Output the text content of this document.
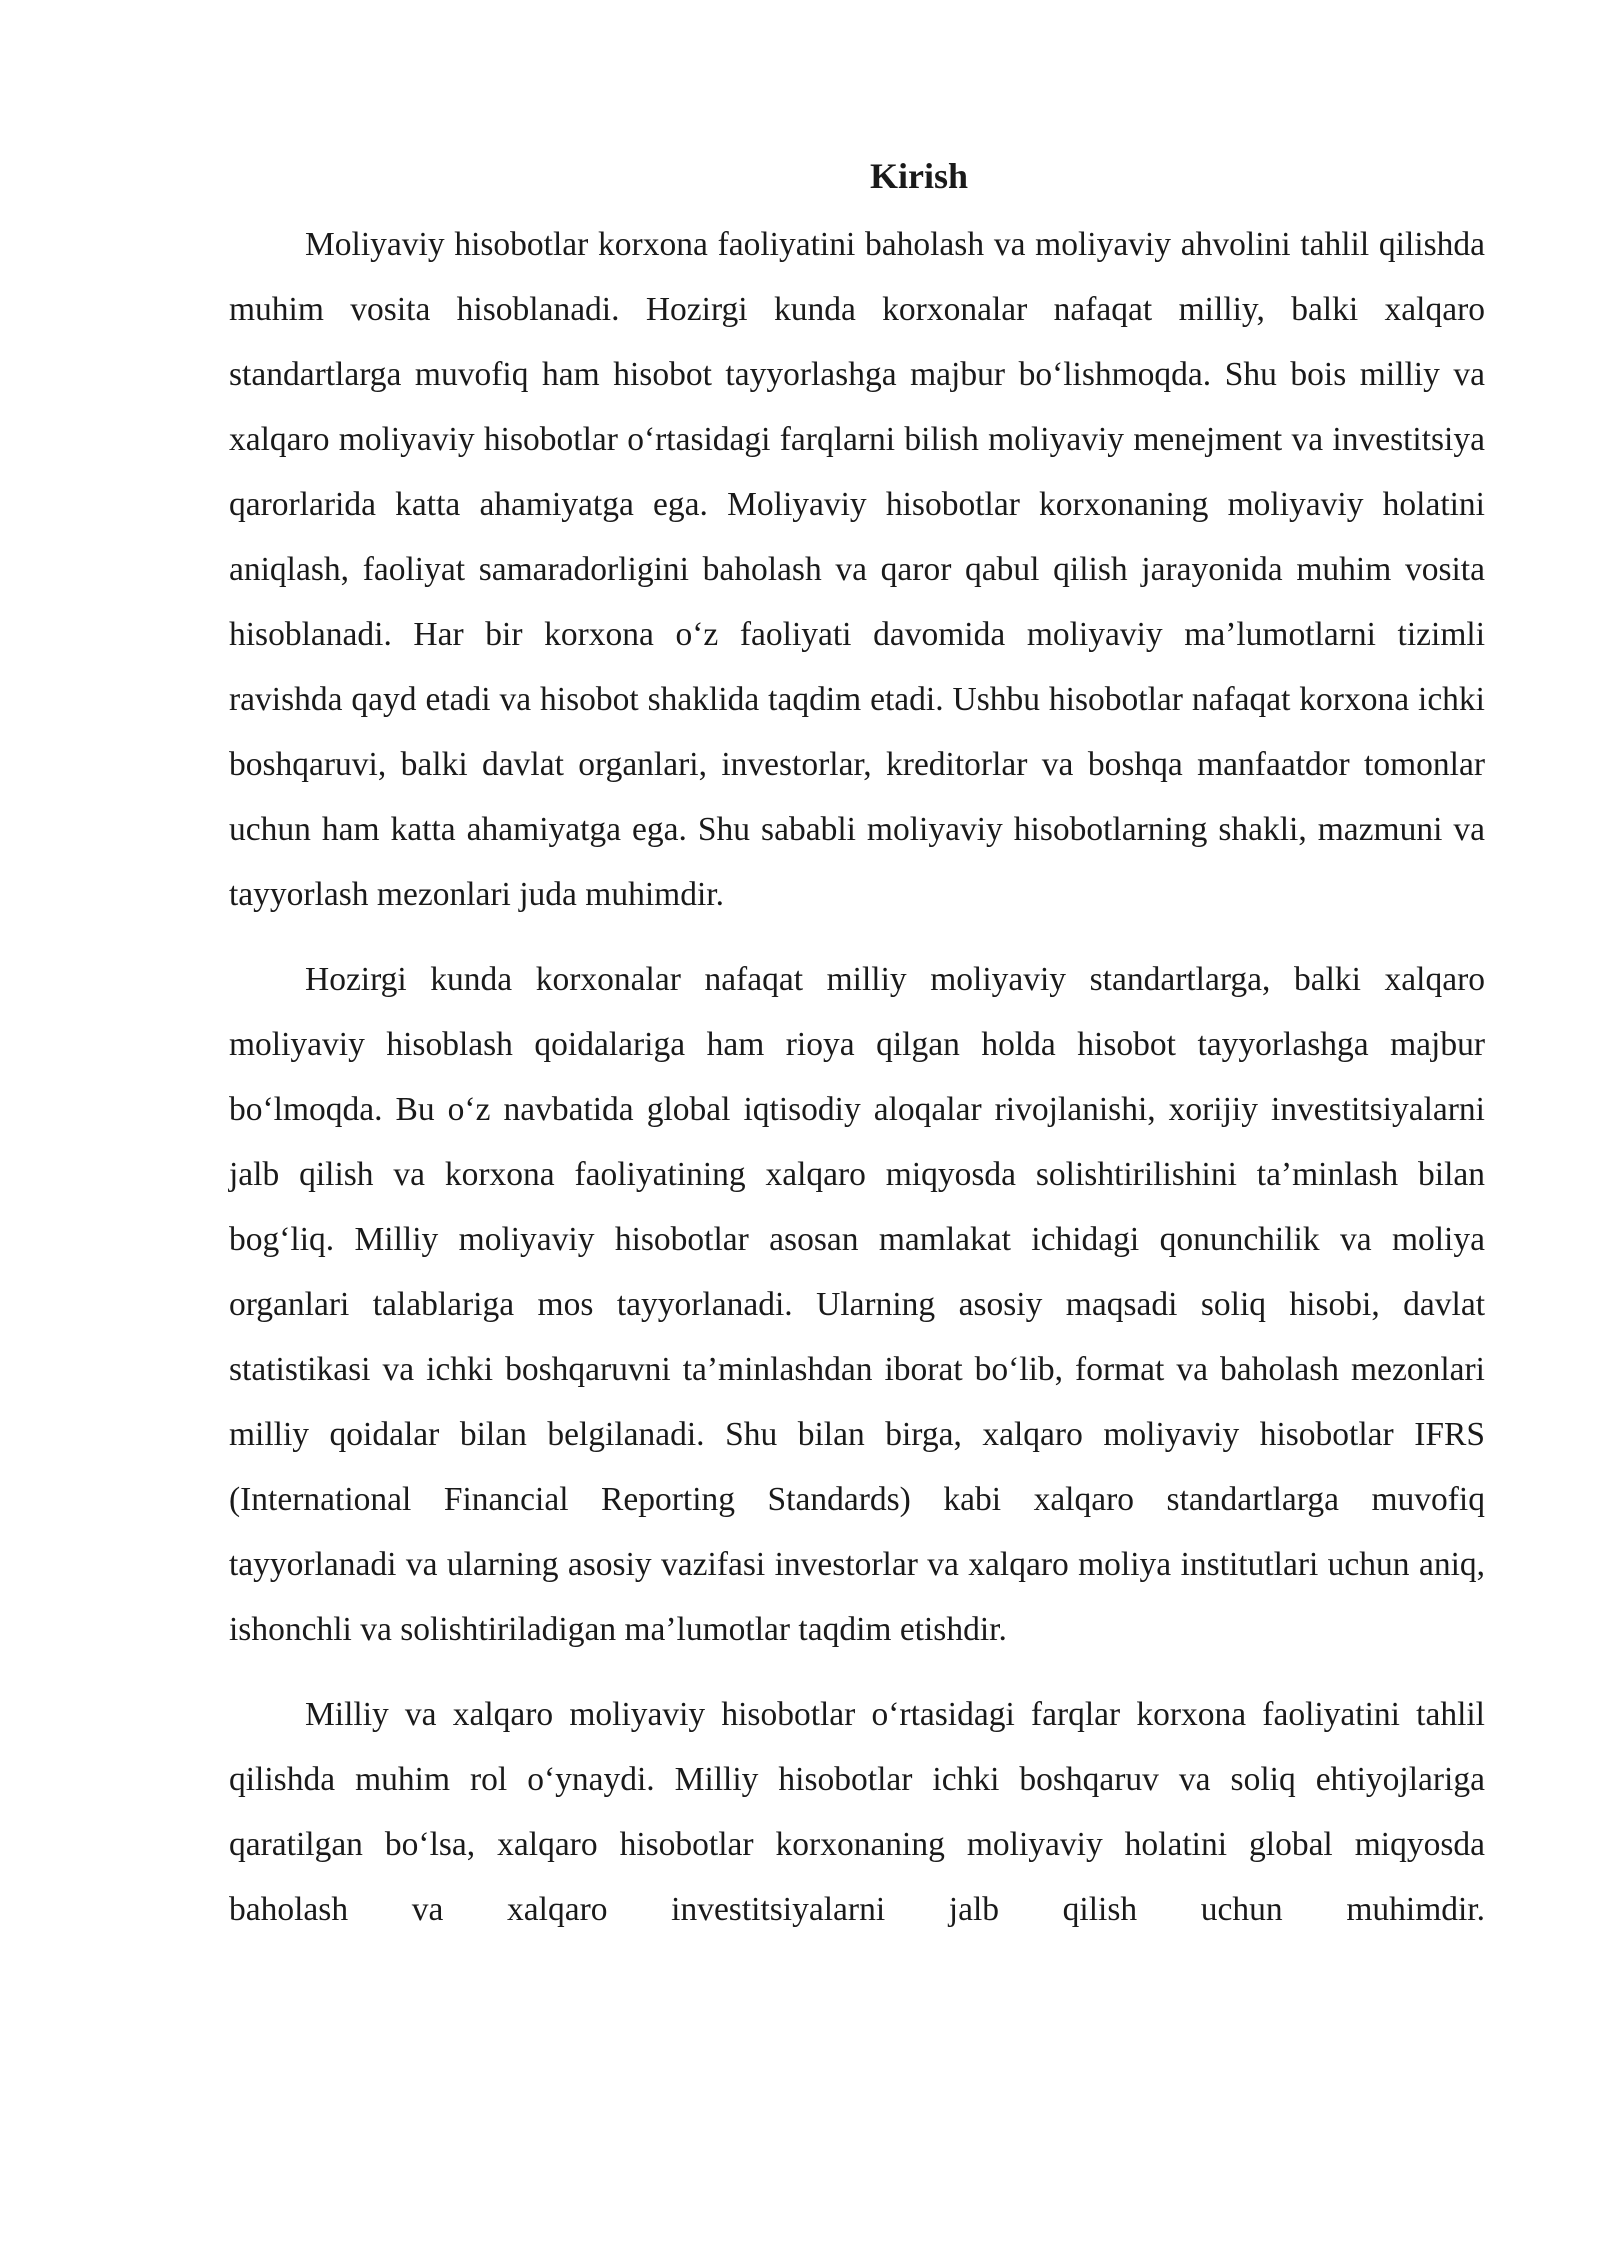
Kirish

Moliyaviy hisobotlar korxona faoliyatini baholash va moliyaviy ahvolini tahlil qilishda muhim vosita hisoblanadi. Hozirgi kunda korxonalar nafaqat milliy, balki xalqaro standartlarga muvofiq ham hisobot tayyorlashga majbur bo‘lishmoqda. Shu bois milliy va xalqaro moliyaviy hisobotlar o‘rtasidagi farqlarni bilish moliyaviy menejment va investitsiya qarorlarida katta ahamiyatga ega. Moliyaviy hisobotlar korxonaning moliyaviy holatini aniqlash, faoliyat samaradorligini baholash va qaror qabul qilish jarayonida muhim vosita hisoblanadi. Har bir korxona o‘z faoliyati davomida moliyaviy ma’lumotlarni tizimli ravishda qayd etadi va hisobot shaklida taqdim etadi. Ushbu hisobotlar nafaqat korxona ichki boshqaruvi, balki davlat organlari, investorlar, kreditorlar va boshqa manfaatdor tomonlar uchun ham katta ahamiyatga ega. Shu sababli moliyaviy hisobotlarning shakli, mazmuni va tayyorlash mezonlari juda muhimdir.

Hozirgi kunda korxonalar nafaqat milliy moliyaviy standartlarga, balki xalqaro moliyaviy hisoblash qoidalariga ham rioya qilgan holda hisobot tayyorlashga majbur bo‘lmoqda. Bu o‘z navbatida global iqtisodiy aloqalar rivojlanishi, xorijiy investitsiyalarni jalb qilish va korxona faoliyatining xalqaro miqyosda solishtirilishini ta’minlash bilan bog‘liq. Milliy moliyaviy hisobotlar asosan mamlakat ichidagi qonunchilik va moliya organlari talablariga mos tayyorlanadi. Ularning asosiy maqsadi soliq hisobi, davlat statistikasi va ichki boshqaruvni ta’minlashdan iborat bo‘lib, format va baholash mezonlari milliy qoidalar bilan belgilanadi. Shu bilan birga, xalqaro moliyaviy hisobotlar IFRS (International Financial Reporting Standards) kabi xalqaro standartlarga muvofiq tayyorlanadi va ularning asosiy vazifasi investorlar va xalqaro moliya institutlari uchun aniq, ishonchli va solishtiriladigan ma’lumotlar taqdim etishdir.

Milliy va xalqaro moliyaviy hisobotlar o‘rtasidagi farqlar korxona faoliyatini tahlil qilishda muhim rol o‘ynaydi. Milliy hisobotlar ichki boshqaruv va soliq ehtiyojlariga qaratilgan bo‘lsa, xalqaro hisobotlar korxonaning moliyaviy holatini global miqyosda baholash va xalqaro investitsiyalarni jalb qilish uchun muhimdir.
